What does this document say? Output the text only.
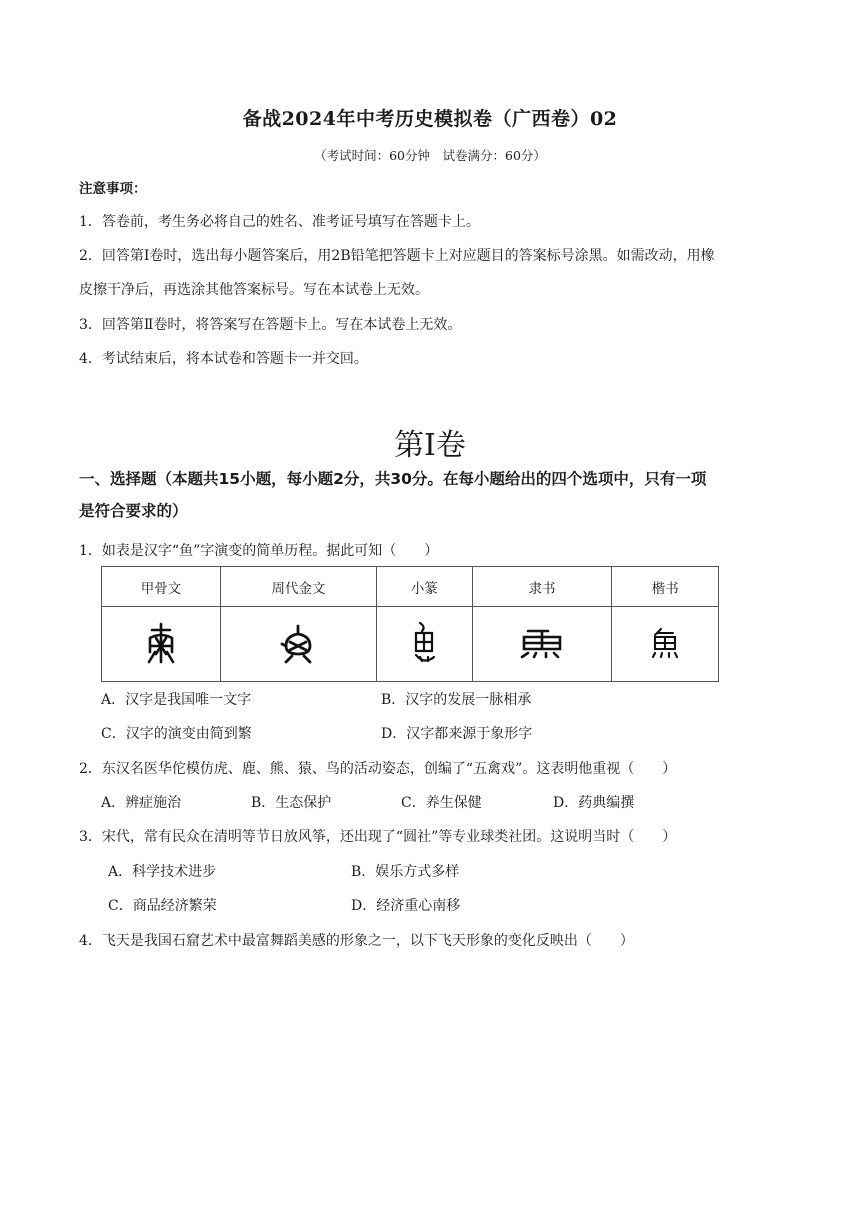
备战2024年中考历史模拟卷（广西卷）02
（考试时间：60分钟　试卷满分：60分）
注意事项：
1．答卷前，考生务必将自己的姓名、准考证号填写在答题卡上。
2．回答第Ⅰ卷时，选出每小题答案后，用2B铅笔把答题卡上对应题目的答案标号涂黑。如需改动，用橡
皮擦干净后，再选涂其他答案标号。写在本试卷上无效。
3．回答第Ⅱ卷时，将答案写在答题卡上。写在本试卷上无效。
4．考试结束后，将本试卷和答题卡一并交回。
第Ⅰ卷
一、选择题（本题共15小题，每小题2分，共30分。在每小题给出的四个选项中，只有一项
是符合要求的）
1．如表是汉字“鱼”字演变的简单历程。据此可知（　　）
甲骨文	周代金文	小篆	隶书	楷书

A．汉字是我国唯一文字	B．汉字的发展一脉相承
C．汉字的演变由简到繁	D．汉字都来源于象形字
2．东汉名医华佗模仿虎、鹿、熊、猿、鸟的活动姿态，创编了“五禽戏”。这表明他重视（　　）
A．辨症施治	B．生态保护	C．养生保健	D．药典编撰
3．宋代，常有民众在清明等节日放风筝，还出现了“圆社”等专业球类社团。这说明当时（　　）
A．科学技术进步	B．娱乐方式多样
C．商品经济繁荣	D．经济重心南移
4．飞天是我国石窟艺术中最富舞蹈美感的形象之一，以下飞天形象的变化反映出（　　）
